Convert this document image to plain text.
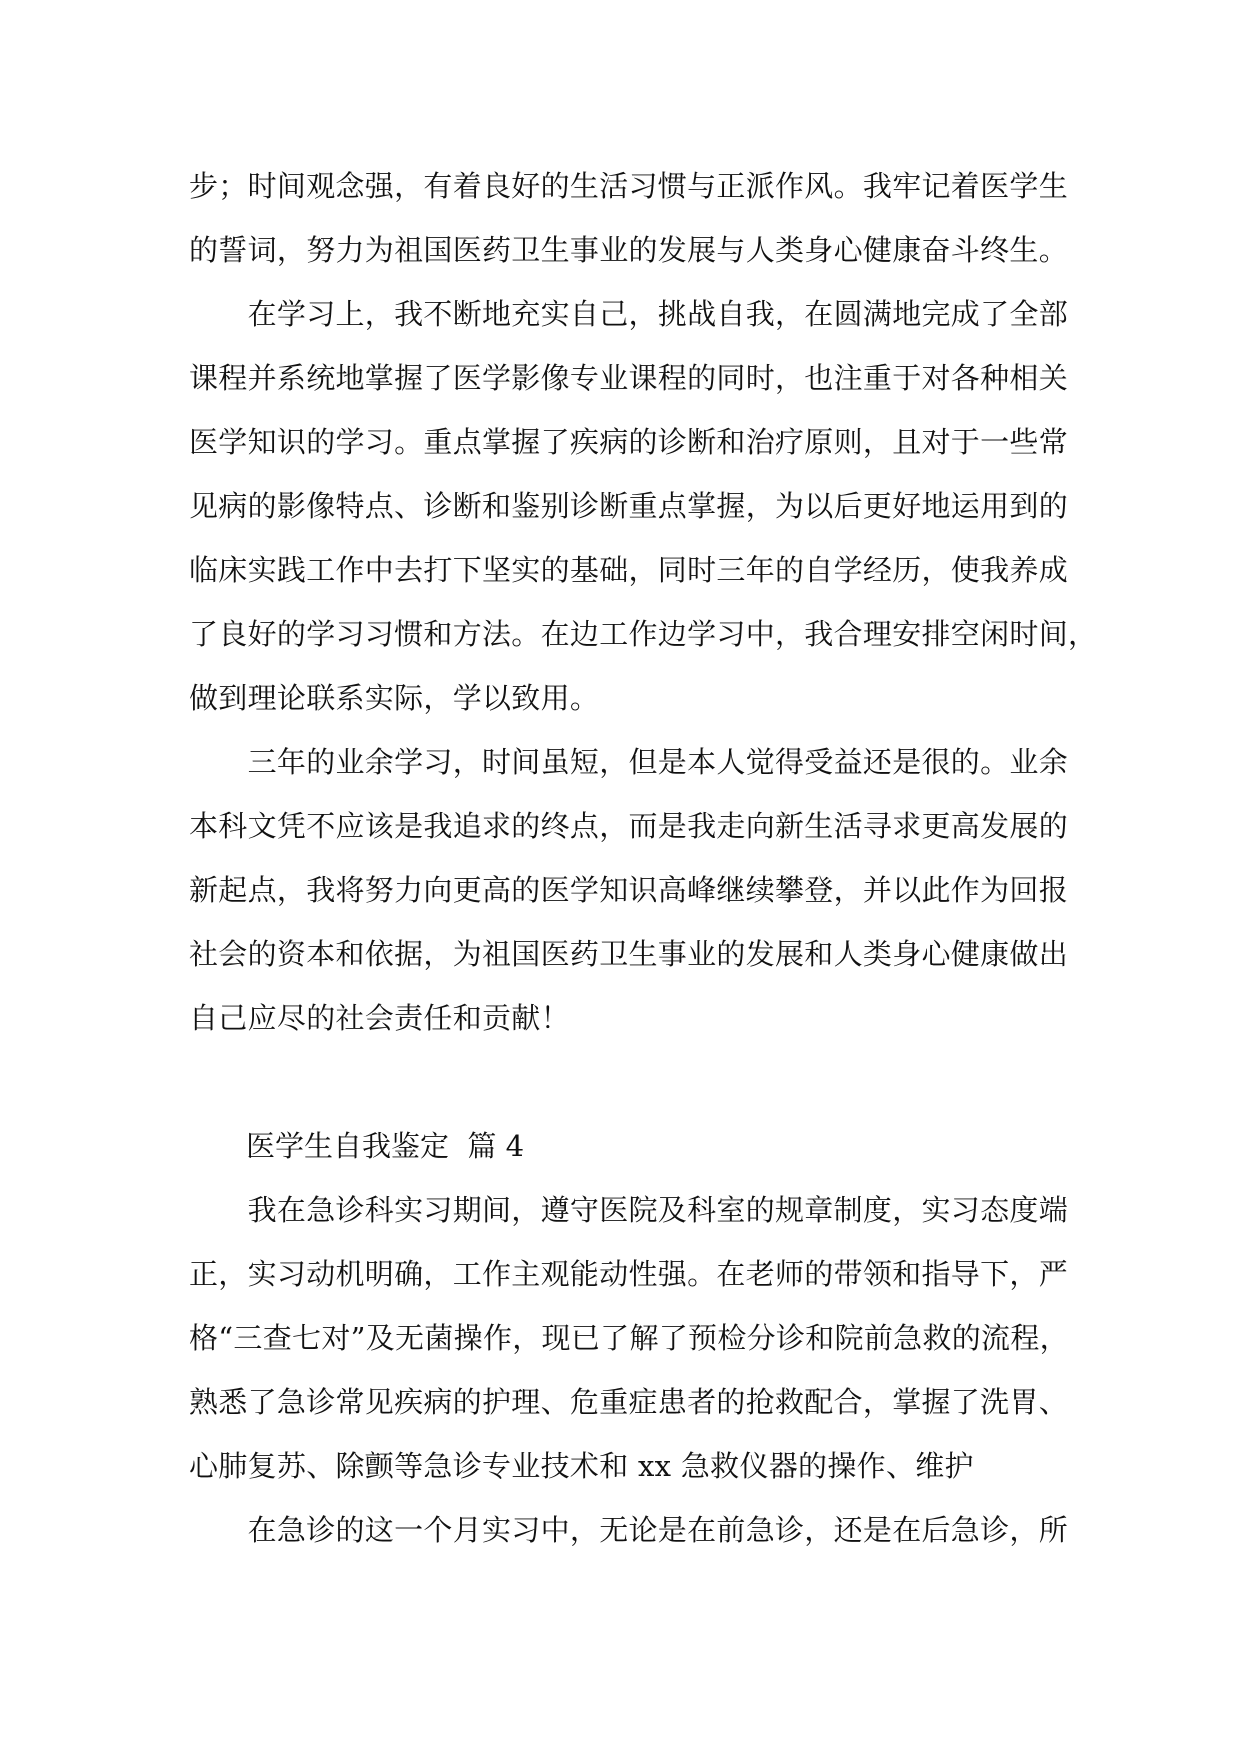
步；时间观念强，有着良好的生活习惯与正派作风。我牢记着医学生
的誓词，努力为祖国医药卫生事业的发展与人类身心健康奋斗终生。
　　在学习上，我不断地充实自己，挑战自我，在圆满地完成了全部
课程并系统地掌握了医学影像专业课程的同时，也注重于对各种相关
医学知识的学习。重点掌握了疾病的诊断和治疗原则，且对于一些常
见病的影像特点、诊断和鉴别诊断重点掌握，为以后更好地运用到的
临床实践工作中去打下坚实的基础，同时三年的自学经历，使我养成
了良好的学习习惯和方法。在边工作边学习中，我合理安排空闲时间，
做到理论联系实际，学以致用。
　　三年的业余学习，时间虽短，但是本人觉得受益还是很的。业余
本科文凭不应该是我追求的终点，而是我走向新生活寻求更高发展的
新起点，我将努力向更高的医学知识高峰继续攀登，并以此作为回报
社会的资本和依据，为祖国医药卫生事业的发展和人类身心健康做出
自己应尽的社会责任和贡献！
医学生自我鉴定  篇 4
　　我在急诊科实习期间，遵守医院及科室的规章制度，实习态度端
正，实习动机明确，工作主观能动性强。在老师的带领和指导下，严
格“三查七对”及无菌操作，现已了解了预检分诊和院前急救的流程，
熟悉了急诊常见疾病的护理、危重症患者的抢救配合，掌握了洗胃、
心肺复苏、除颤等急诊专业技术和 xx 急救仪器的操作、维护
　　在急诊的这一个月实习中，无论是在前急诊，还是在后急诊，所
